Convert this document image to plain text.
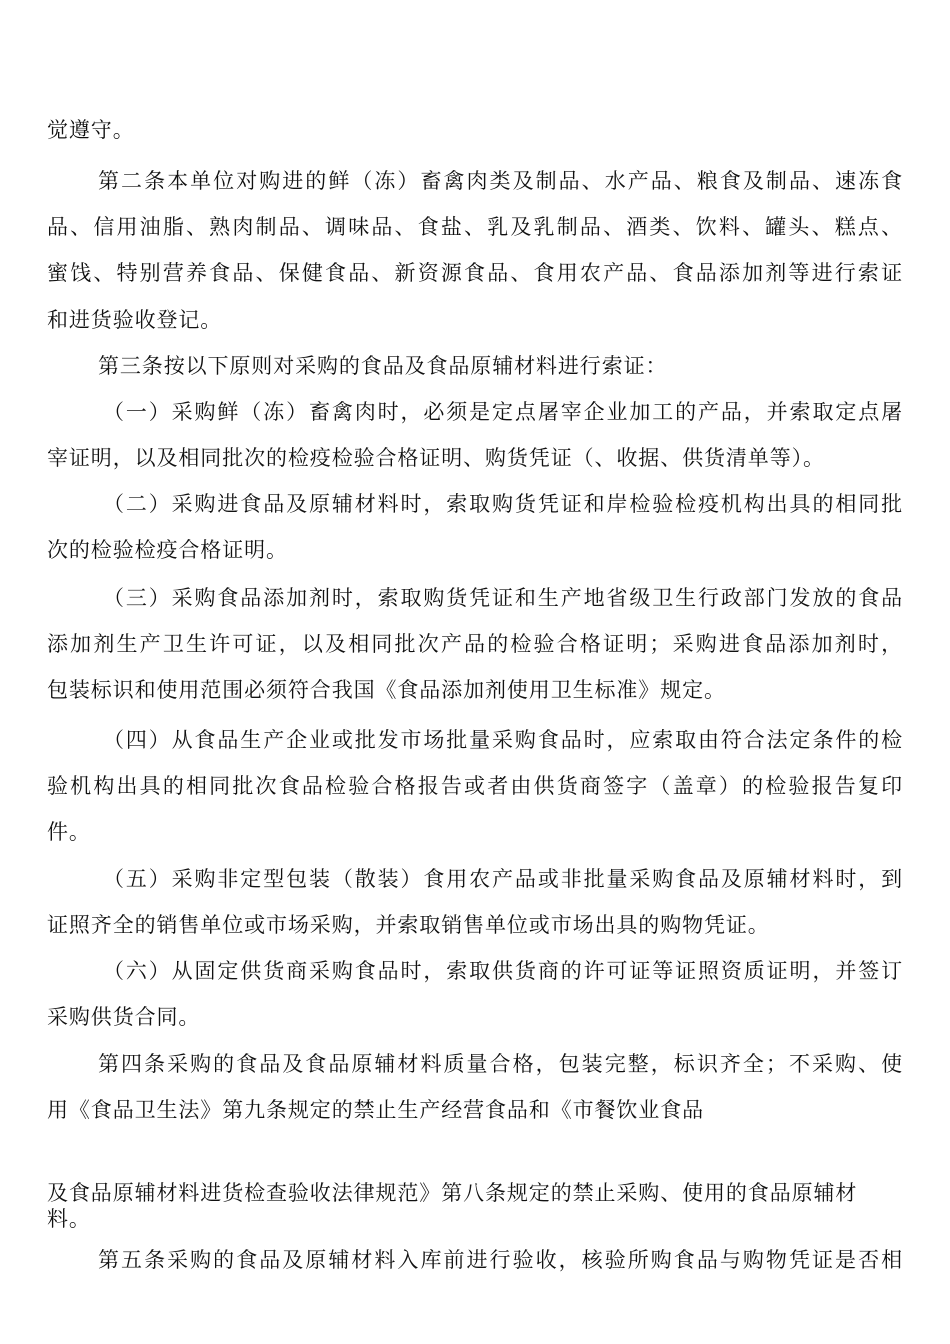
觉遵守。
第二条本单位对购进的鲜（冻）畜禽肉类及制品、水产品、粮食及制品、速冻食
品、信用油脂、熟肉制品、调味品、食盐、乳及乳制品、酒类、饮料、罐头、糕点、
蜜饯、特别营养食品、保健食品、新资源食品、食用农产品、食品添加剂等进行索证
和进货验收登记。
第三条按以下原则对采购的食品及食品原辅材料进行索证：
（一）采购鲜（冻）畜禽肉时，必须是定点屠宰企业加工的产品，并索取定点屠
宰证明，以及相同批次的检疫检验合格证明、购货凭证（、收据、供货清单等）。
（二）采购进食品及原辅材料时，索取购货凭证和岸检验检疫机构出具的相同批
次的检验检疫合格证明。
（三）采购食品添加剂时，索取购货凭证和生产地省级卫生行政部门发放的食品
添加剂生产卫生许可证，以及相同批次产品的检验合格证明；采购进食品添加剂时，
包装标识和使用范围必须符合我国《食品添加剂使用卫生标准》规定。
（四）从食品生产企业或批发市场批量采购食品时，应索取由符合法定条件的检
验机构出具的相同批次食品检验合格报告或者由供货商签字（盖章）的检验报告复印
件。
（五）采购非定型包装（散装）食用农产品或非批量采购食品及原辅材料时，到
证照齐全的销售单位或市场采购，并索取销售单位或市场出具的购物凭证。
（六）从固定供货商采购食品时，索取供货商的许可证等证照资质证明，并签订
采购供货合同。
第四条采购的食品及食品原辅材料质量合格，包装完整，标识齐全；不采购、使
用《食品卫生法》第九条规定的禁止生产经营食品和《市餐饮业食品
及食品原辅材料进货检查验收法律规范》第八条规定的禁止采购、使用的食品原辅材
料。
第五条采购的食品及原辅材料入库前进行验收，核验所购食品与购物凭证是否相
